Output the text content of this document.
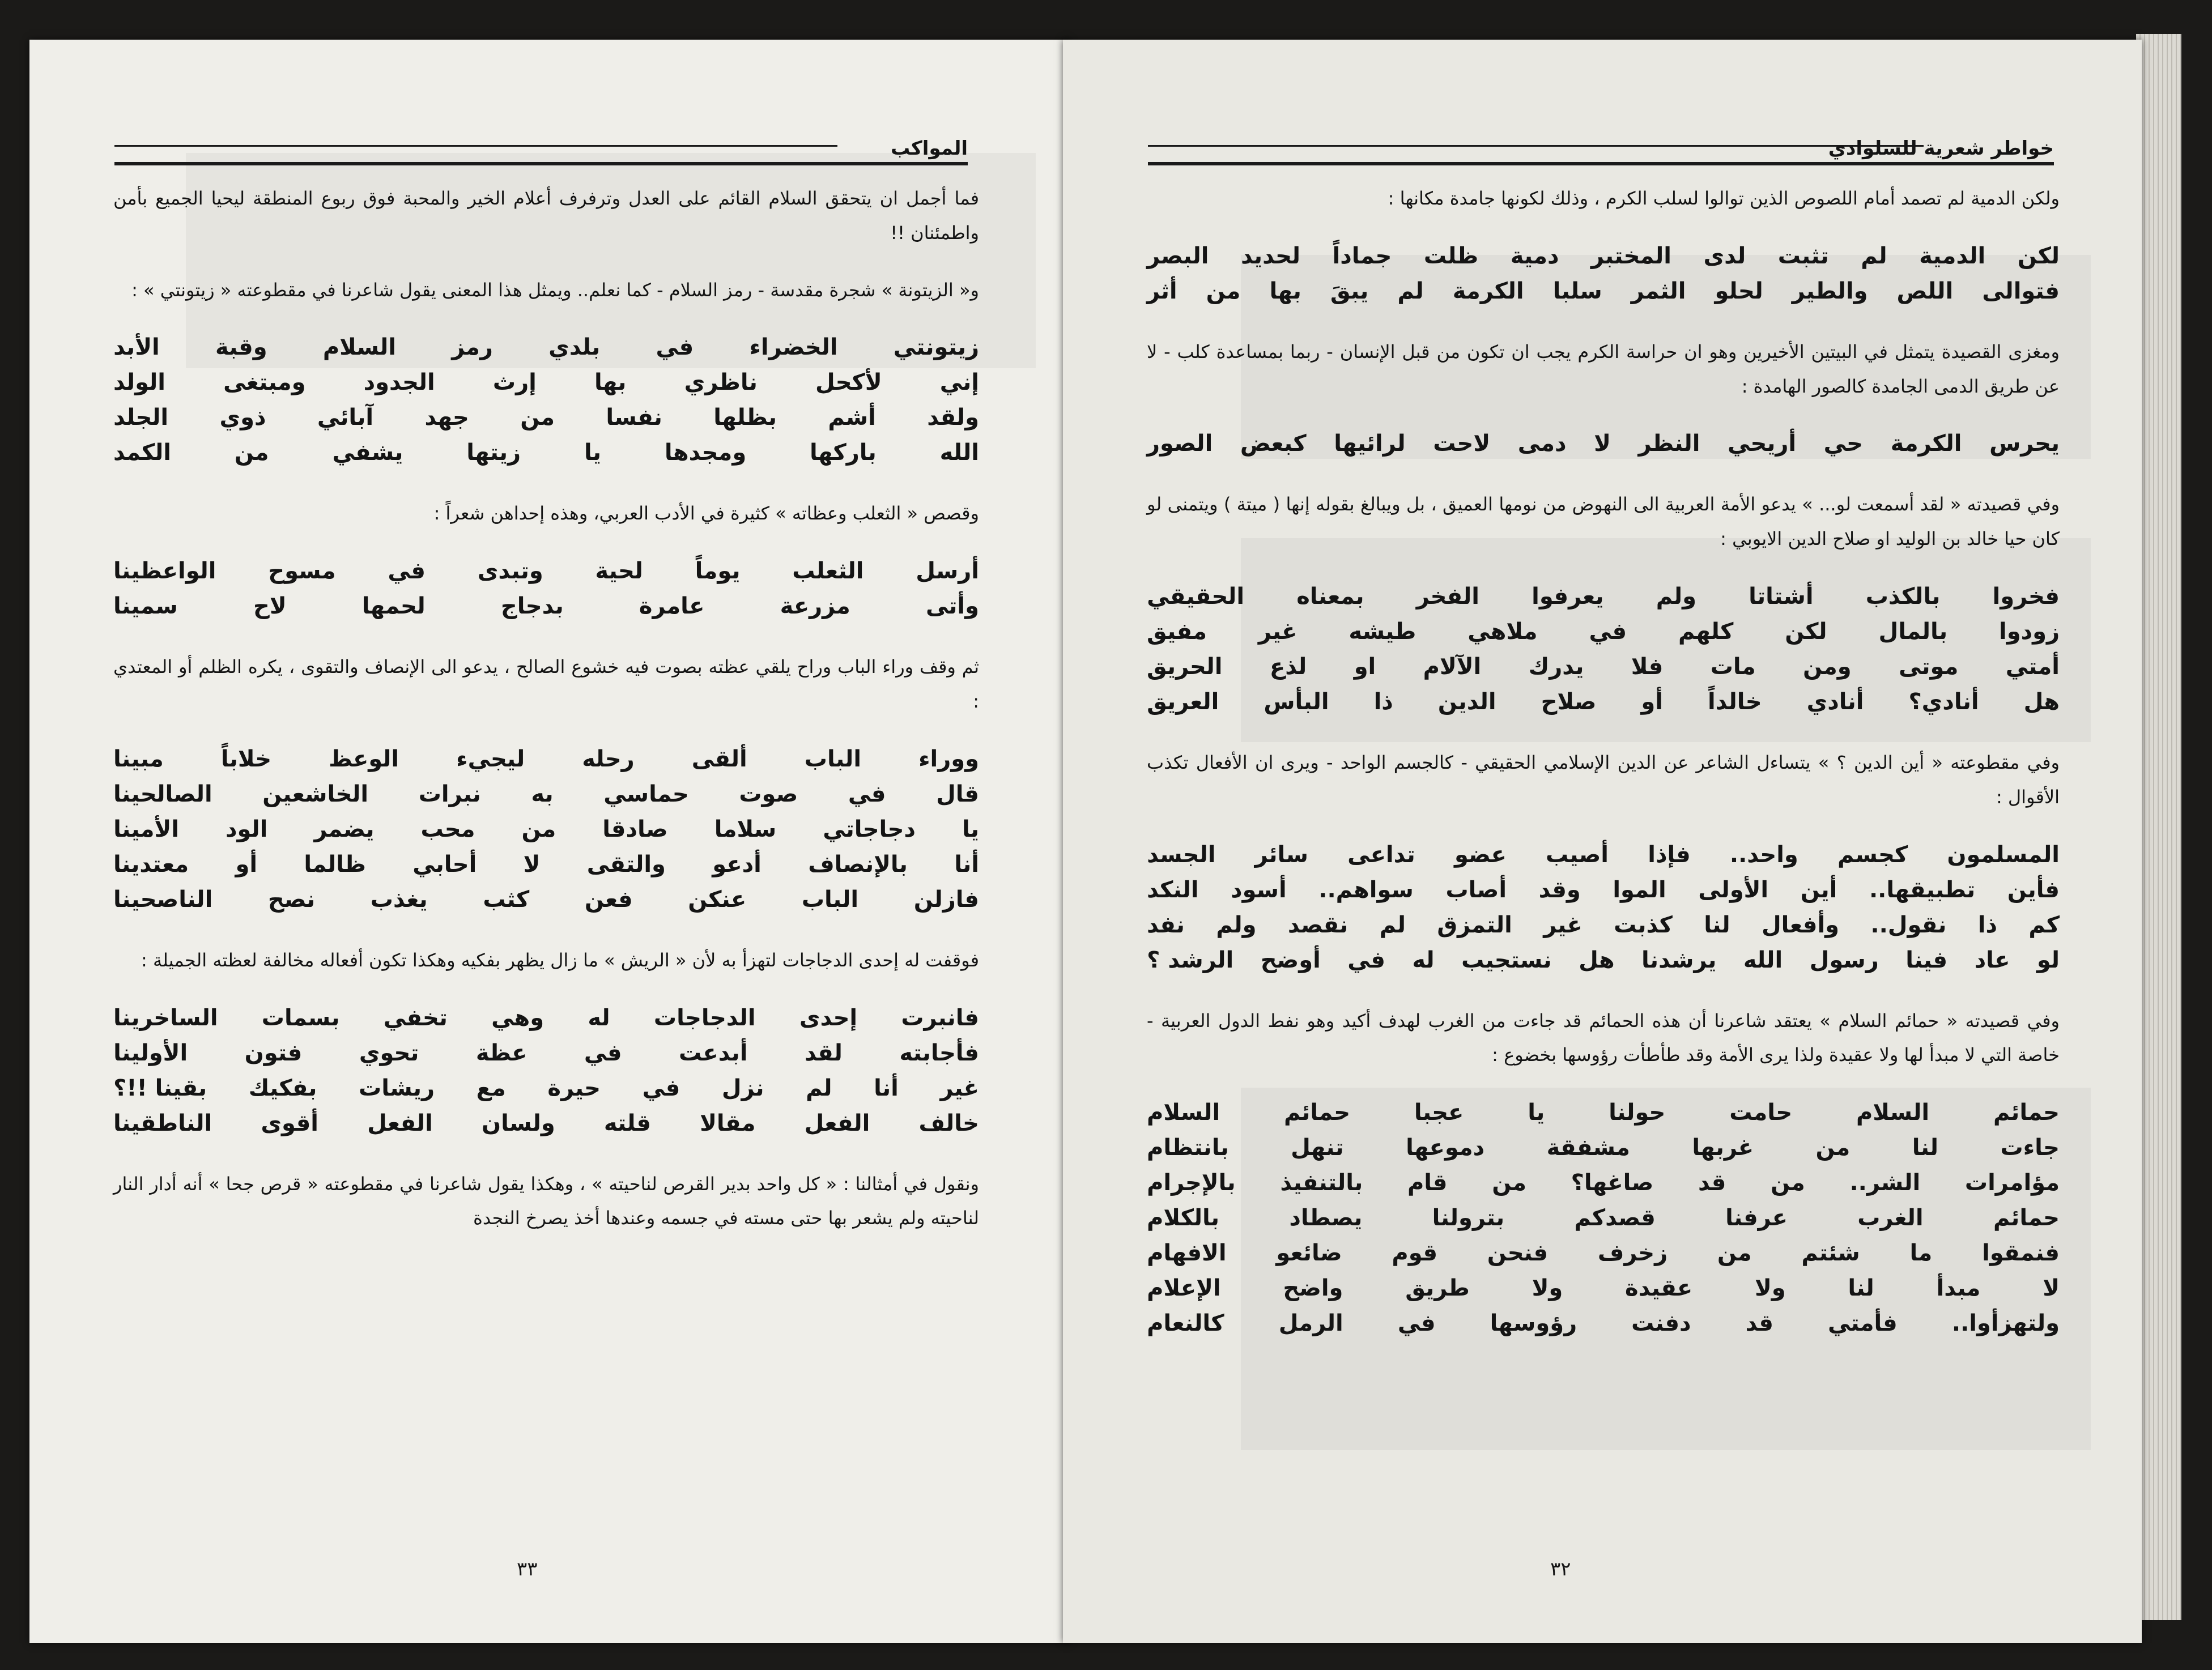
المواكب

فما أجمل ان يتحقق السلام القائم على العدل وترفرف أعلام الخير والمحبة فوق ربوع المنطقة ليحيا الجميع بأمن واطمئنان !!

و« الزيتونة » شجرة مقدسة - رمز السلام - كما نعلم.. ويمثل هذا المعنى يقول شاعرنا في مقطوعته « زيتونتي » :

زيتونتي
الخضراء
في
بلدي
رمز
السلام
وقبة
الأبد
إني
لأكحل
ناظري
بها
إرث
الجدود
ومبتغى
الولد
ولقد
أشم
بظلها
نفسا
من
جهد
آبائي
ذوي
الجلد
الله
باركها
ومجدها
يا
زيتها
يشفي
من
الكمد

وقصص « الثعلب وعظاته » كثيرة في الأدب العربي، وهذه إحداهن شعراً :

أرسل
الثعلب
يوماً
لحية
وتبدى
في
مسوح
الواعظينا
وأتى
مزرعة
عامرة
بدجاج
لحمها
لاح
سمينا

ثم وقف وراء الباب وراح يلقي عظته بصوت فيه خشوع الصالح ، يدعو الى الإنصاف والتقوى ، يكره الظلم أو المعتدي :

ووراء
الباب
ألقى
رحله
ليجيء
الوعظ
خلاباً
مبينا
قال
في
صوت
حماسي
به
نبرات
الخاشعين
الصالحينا
يا
دجاجاتي
سلاما
صادقا
من
محب
يضمر
الود
الأمينا
أنا
بالإنصاف
أدعو
والتقى
لا
أحابي
ظالما
أو
معتدينا
فازلن
الباب
عنكن
فعن
كثب
يغذب
نصح
الناصحينا

فوقفت له إحدى الدجاجات لتهزأ به لأن « الريش » ما زال يظهر بفكيه وهكذا تكون أفعاله مخالفة لعظته الجميلة :

فانبرت
إحدى
الدجاجات
له
وهي
تخفي
بسمات
الساخرينا
فأجابته
لقد
أبدعت
في
عظة
تحوي
فتون
الأولينا
غير
أنا
لم
نزل
في
حيرة
مع
ريشات
بفكيك
بقينا !!؟
خالف
الفعل
مقالا
قلته
ولسان
الفعل
أقوى
الناطقينا

ونقول في أمثالنا : « كل واحد بدير القرص لناحيته » ، وهكذا يقول شاعرنا في مقطوعته « قرص جحا » أنه أدار النار لناحيته ولم يشعر بها حتى مسته في جسمه وعندها أخذ يصرخ النجدة

٣٣
خواطر شعرية للسلوادي

ولكن الدمية لم تصمد أمام اللصوص الذين توالوا لسلب الكرم ، وذلك لكونها جامدة مكانها :

لكن
الدمية
لم
تثبت
لدى
المختبر
دمية
ظلت
جماداً
لحديد
البصر
فتوالى
اللص
والطير
لحلو
الثمر
سلبا
الكرمة
لم
يبقَ
بها
من
أثر

ومغزى القصيدة يتمثل في البيتين الأخيرين وهو ان حراسة الكرم يجب ان تكون من قبل الإنسان - ربما بمساعدة كلب - لا عن طريق الدمى الجامدة كالصور الهامدة :

يحرس
الكرمة
حي
أريحي
النظر
لا
دمى
لاحت
لرائيها
كبعض
الصور

وفي قصيدته « لقد أسمعت لو... » يدعو الأمة العربية الى النهوض من نومها العميق ، بل ويبالغ بقوله إنها ( ميتة ) ويتمنى لو كان حيا خالد بن الوليد او صلاح الدين الايوبي :

فخروا
بالكذب
أشتاتا
ولم
يعرفوا
الفخر
بمعناه
الحقيقي
زودوا
بالمال
لكن
كلهم
في
ملاهي
طيشه
غير
مفيق
أمتي
موتى
ومن
مات
فلا
يدرك
الآلام
او
لذع
الحريق
هل
أنادي؟
أنادي
خالداً
أو
صلاح
الدين
ذا
البأس
العريق

وفي مقطوعته « أين الدين ؟ » يتساءل الشاعر عن الدين الإسلامي الحقيقي - كالجسم الواحد - ويرى ان الأفعال تكذب الأقوال :

المسلمون
كجسم
واحد..
فإذا
أصيب
عضو
تداعى
سائر
الجسد
فأين
تطبيقها..
أين
الأولى
الموا
وقد
أصاب
سواهم..
أسود
النكد
كم
ذا
نقول..
وأفعال
لنا
كذبت
غير
التمزق
لم
نقصد
ولم
نفد
لو
عاد
فينا
رسول
الله
يرشدنا
هل
نستجيب
له
في
أوضح
الرشد ؟

وفي قصيدته « حمائم السلام » يعتقد شاعرنا أن هذه الحمائم قد جاءت من الغرب لهدف أكيد وهو نفط الدول العربية - خاصة التي لا مبدأ لها ولا عقيدة ولذا يرى الأمة وقد طأطأت رؤوسها بخضوع :

حمائم
السلام
حامت
حولنا
يا
عجبا
حمائم
السلام
جاءت
لنا
من
غربها
مشفقة
دموعها
تنهل
بانتظام
مؤامرات
الشر..
من
قد
صاغها؟
من
قام
بالتنفيذ
بالإجرام
حمائم
الغرب
عرفنا
قصدكم
بترولنا
يصطاد
بالكلام
فنمقوا
ما
شئتم
من
زخرف
فنحن
قوم
ضائعو
الافهام
لا
مبدأ
لنا
ولا
عقيدة
ولا
طريق
واضح
الإعلام
ولتهزأوا..
فأمتي
قد
دفنت
رؤوسها
في
الرمل
كالنعام
٣٢
